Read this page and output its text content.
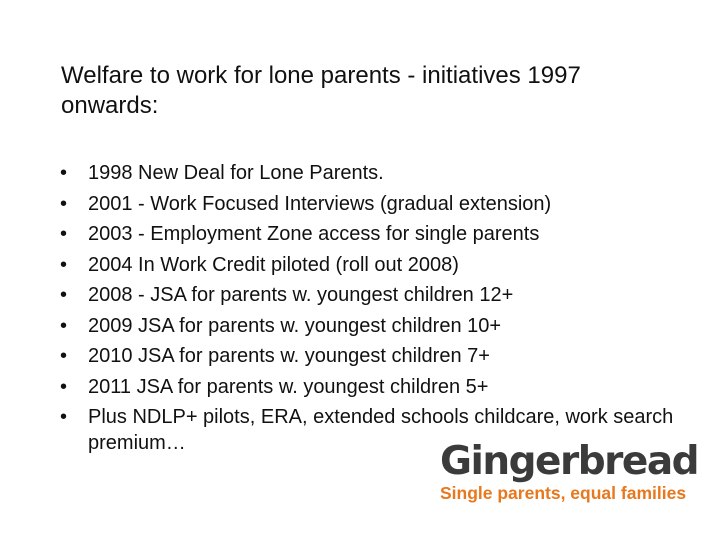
Welfare to work for lone parents - initiatives 1997 onwards:
• 1998 New Deal for Lone Parents.
• 2001 - Work Focused Interviews (gradual extension)
• 2003 - Employment Zone access for single parents
• 2004 In Work Credit piloted (roll out 2008)
• 2008 - JSA for parents w. youngest children 12+
• 2009 JSA for parents w. youngest children 10+
• 2010 JSA for parents w. youngest children 7+
• 2011 JSA for parents w. youngest children 5+
• Plus NDLP+ pilots, ERA, extended schools childcare, work search premium…	Gingerbread
Single parents, equal families
